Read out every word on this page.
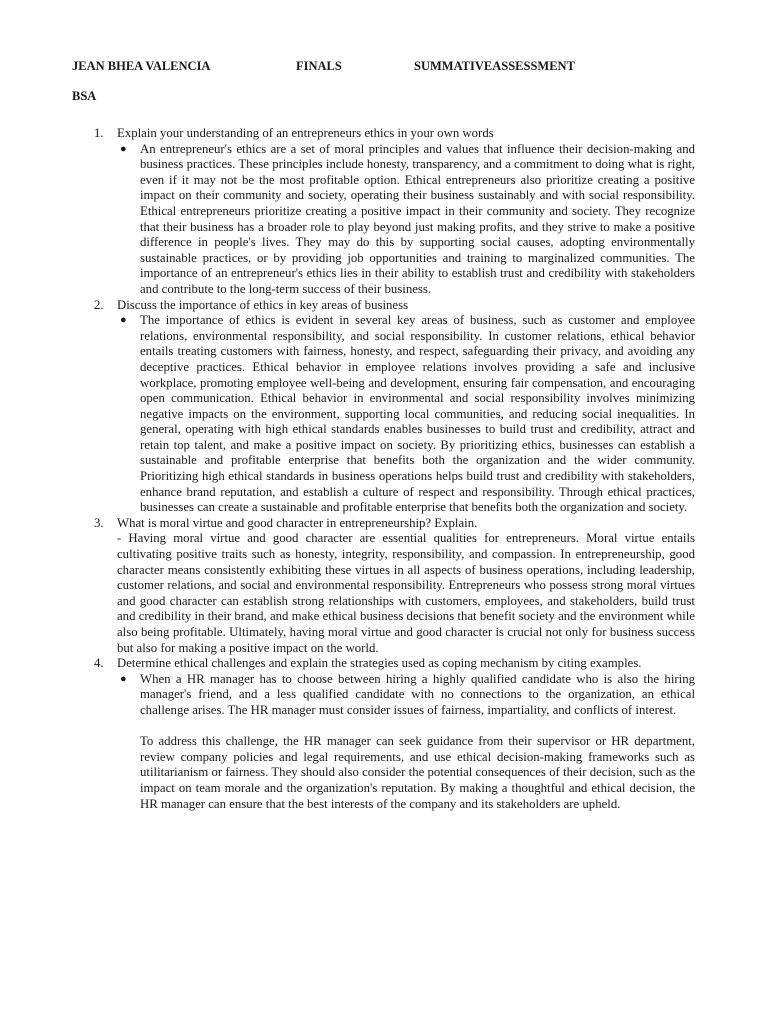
JEAN BHEA VALENCIA	FINALS	SUMMATIVEASSESSMENT
BSA
1. Explain your understanding of an entrepreneurs ethics in your own words
● An entrepreneur's ethics are a set of moral principles and values that influence their decision-making and business practices. These principles include honesty, transparency, and a commitment to doing what is right, even if it may not be the most profitable option. Ethical entrepreneurs also prioritize creating a positive impact on their community and society, operating their business sustainably and with social responsibility. Ethical entrepreneurs prioritize creating a positive impact in their community and society. They recognize that their business has a broader role to play beyond just making profits, and they strive to make a positive difference in people's lives. They may do this by supporting social causes, adopting environmentally sustainable practices, or by providing job opportunities and training to marginalized communities. The importance of an entrepreneur's ethics lies in their ability to establish trust and credibility with stakeholders and contribute to the long-term success of their business.

2. Discuss the importance of ethics in key areas of business
● The importance of ethics is evident in several key areas of business, such as customer and employee relations, environmental responsibility, and social responsibility. In customer relations, ethical behavior entails treating customers with fairness, honesty, and respect, safeguarding their privacy, and avoiding any deceptive practices. Ethical behavior in employee relations involves providing a safe and inclusive workplace, promoting employee well-being and development, ensuring fair compensation, and encouraging open communication. Ethical behavior in environmental and social responsibility involves minimizing negative impacts on the environment, supporting local communities, and reducing social inequalities. In general, operating with high ethical standards enables businesses to build trust and credibility, attract and retain top talent, and make a positive impact on society. By prioritizing ethics, businesses can establish a sustainable and profitable enterprise that benefits both the organization and the wider community. Prioritizing high ethical standards in business operations helps build trust and credibility with stakeholders, enhance brand reputation, and establish a culture of respect and responsibility. Through ethical practices, businesses can create a sustainable and profitable enterprise that benefits both the organization and society.

3. What is moral virtue and good character in entrepreneurship? Explain.

- Having moral virtue and good character are essential qualities for entrepreneurs. Moral virtue entails cultivating positive traits such as honesty, integrity, responsibility, and compassion. In entrepreneurship, good character means consistently exhibiting these virtues in all aspects of business operations, including leadership, customer relations, and social and environmental responsibility. Entrepreneurs who possess strong moral virtues and good character can establish strong relationships with customers, employees, and stakeholders, build trust and credibility in their brand, and make ethical business decisions that benefit society and the environment while also being profitable. Ultimately, having moral virtue and good character is crucial not only for business success but also for making a positive impact on the world.

4. Determine ethical challenges and explain the strategies used as coping mechanism by citing examples.
● When a HR manager has to choose between hiring a highly qualified candidate who is also the hiring manager's friend, and a less qualified candidate with no connections to the organization, an ethical challenge arises. The HR manager must consider issues of fairness, impartiality, and conflicts of interest.

To address this challenge, the HR manager can seek guidance from their supervisor or HR department, review company policies and legal requirements, and use ethical decision-making frameworks such as utilitarianism or fairness. They should also consider the potential consequences of their decision, such as the impact on team morale and the organization's reputation. By making a thoughtful and ethical decision, the HR manager can ensure that the best interests of the company and its stakeholders are upheld.
